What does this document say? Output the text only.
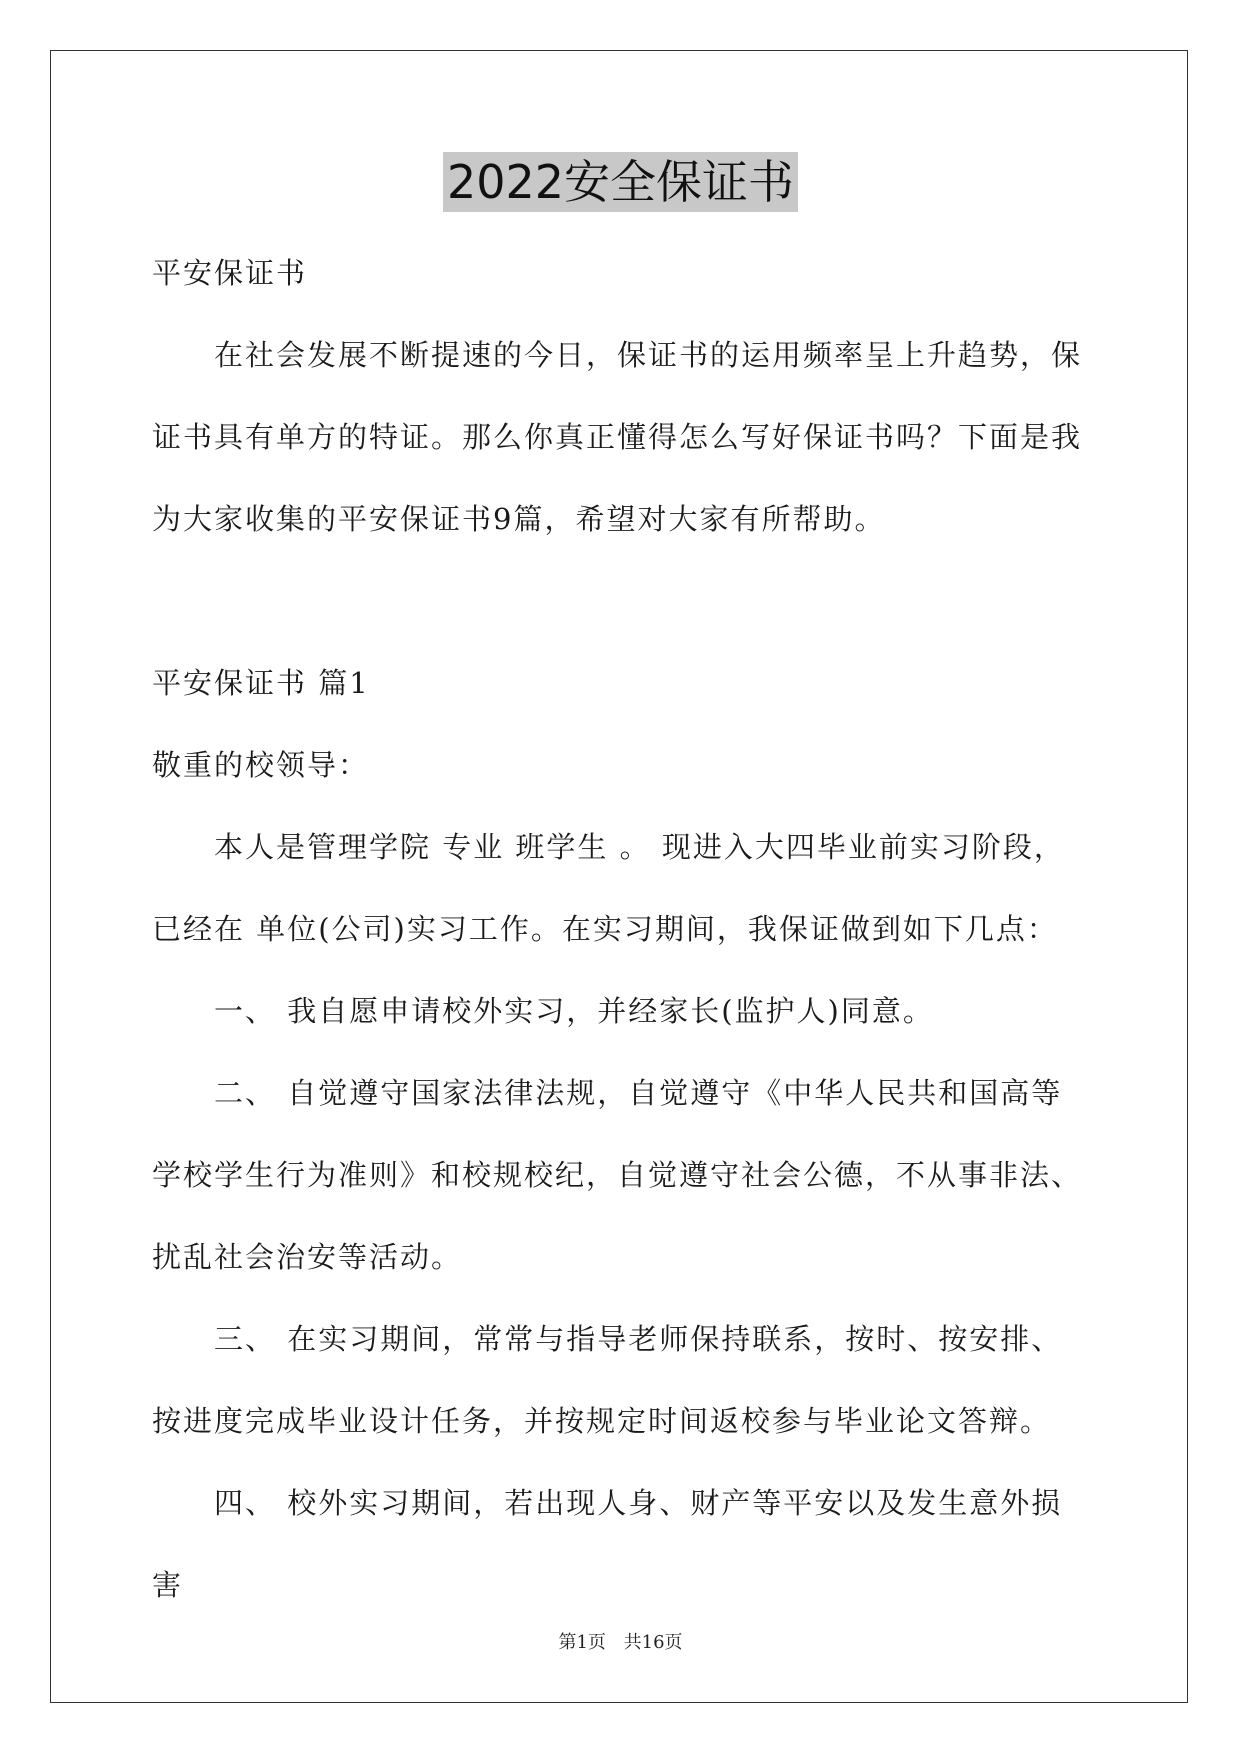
2022安全保证书

平安保证书

在社会发展不断提速的今日，保证书的运用频率呈上升趋势，保证书具有单方的特证。那么你真正懂得怎么写好保证书吗？下面是我为大家收集的平安保证书9篇，希望对大家有所帮助。

平安保证书 篇1

敬重的校领导：

本人是管理学院 专业 班学生 。 现进入大四毕业前实习阶段，已经在 单位(公司)实习工作。在实习期间，我保证做到如下几点：

一、 我自愿申请校外实习，并经家长(监护人)同意。

二、 自觉遵守国家法律法规，自觉遵守《中华人民共和国高等学校学生行为准则》和校规校纪，自觉遵守社会公德，不从事非法、扰乱社会治安等活动。

三、 在实习期间，常常与指导老师保持联系，按时、按安排、按进度完成毕业设计任务，并按规定时间返校参与毕业论文答辩。

四、 校外实习期间，若出现人身、财产等平安以及发生意外损害

第1页 共16页
